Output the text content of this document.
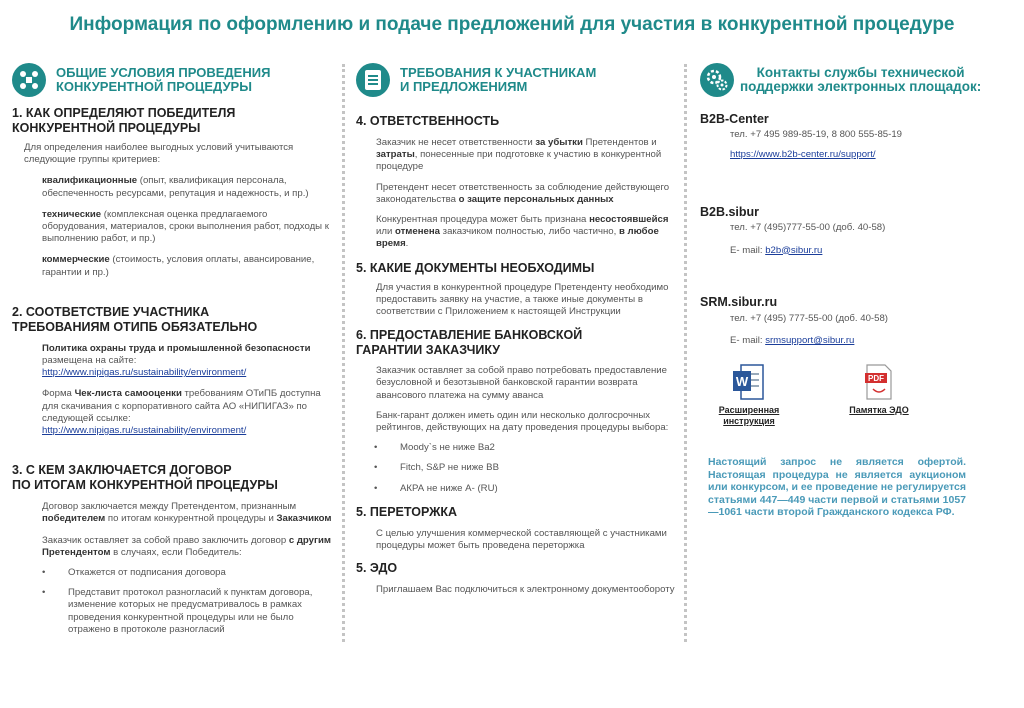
Информация по оформлению и подаче предложений для участия в конкурентной процедуре
ОБЩИЕ УСЛОВИЯ ПРОВЕДЕНИЯ
КОНКУРЕНТНОЙ ПРОЦЕДУРЫ
1. КАК ОПРЕДЕЛЯЮТ ПОБЕДИТЕЛЯ
КОНКУРЕНТНОЙ ПРОЦЕДУРЫ
Для определения наиболее выгодных условий учитываются следующие группы критериев:
квалификационные (опыт, квалификация персонала, обеспеченность ресурсами, репутация и надежность, и пр.)
технические (комплексная оценка предлагаемого оборудования, материалов, сроки выполнения работ, подходы к выполнению работ, и пр.)
коммерческие (стоимость, условия оплаты, авансирование, гарантии и пр.)
2. СООТВЕТСТВИЕ УЧАСТНИКА
ТРЕБОВАНИЯМ ОТИПБ ОБЯЗАТЕЛЬНО
Политика охраны труда и промышленной безопасности размещена на сайте:
http://www.nipigas.ru/sustainability/environment/
Форма Чек-листа самооценки требованиям ОТиПБ доступна для скачивания с корпоративного сайта АО «НИПИГАЗ» по следующей ссылке:
http://www.nipigas.ru/sustainability/environment/
3. С КЕМ ЗАКЛЮЧАЕТСЯ ДОГОВОР
ПО ИТОГАМ КОНКУРЕНТНОЙ ПРОЦЕДУРЫ
Договор заключается между Претендентом, признанным победителем по итогам конкурентной процедуры и Заказчиком
Заказчик оставляет за собой право заключить договор с другим Претендентом в случаях, если Победитель:
•	Откажется от подписания договора
•	Представит протокол разногласий к пунктам договора, изменение которых не предусматривалось в рамках проведения конкурентной процедуры или не было отражено в протоколе разногласий
ТРЕБОВАНИЯ К УЧАСТНИКАМ
И ПРЕДЛОЖЕНИЯМ
4. ОТВЕТСТВЕННОСТЬ
Заказчик не несет ответственности за убытки Претендентов и затраты, понесенные при подготовке к участию в конкурентной процедуре
Претендент несет ответственность за соблюдение действующего законодательства о защите персональных данных
Конкурентная процедура может быть признана несостоявшейся или отменена заказчиком полностью, либо частично, в любое время.
5. КАКИЕ ДОКУМЕНТЫ НЕОБХОДИМЫ
Для участия в конкурентной процедуре Претенденту необходимо предоставить заявку на участие, а также иные документы в соответствии с Приложением к настоящей Инструкции
6. ПРЕДОСТАВЛЕНИЕ БАНКОВСКОЙ
ГАРАНТИИ ЗАКАЗЧИКУ
Заказчик оставляет за собой право потребовать предоставление безусловной и безотзывной банковской гарантии возврата авансового платежа на сумму аванса
Банк-гарант должен иметь один или несколько долгосрочных рейтингов, действующих на дату проведения процедуры выбора:
•	Moody`s не ниже Ba2
•	Fitch, S&P не ниже BB
•	АКРА не ниже А- (RU)
5. ПЕРЕТОРЖКА
С целью улучшения коммерческой составляющей с участниками процедуры может быть проведена переторжка
5. ЭДО
Приглашаем Вас подключиться к электронному документообороту
Контакты службы технической
поддержки электронных площадок:
B2B-Center
тел. +7 495 989-85-19, 8 800 555-85-19
https://www.b2b-center.ru/support/
B2B.sibur
тел. +7 (495)777-55-00 (доб. 40-58)
E- mail: b2b@sibur.ru
SRM.sibur.ru
тел. +7 (495) 777-55-00 (доб. 40-58)
E- mail: srmsupport@sibur.ru
W
Расширенная
инструкция
PDF
Памятка ЭДО
Настоящий запрос не является офертой. Настоящая процедура не является аукционом или конкурсом, и ее проведение не регулируется статьями 447—449 части первой и статьями 1057—1061 части второй Гражданского кодекса РФ.
